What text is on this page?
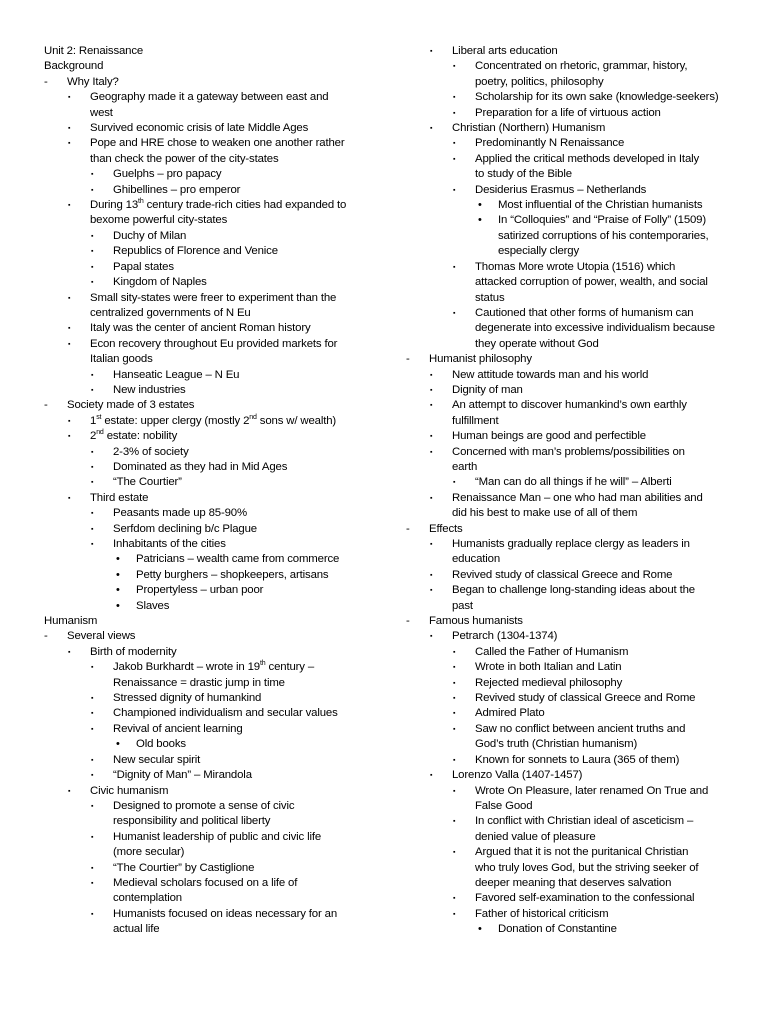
Unit 2: Renaissance
Background
- Why Italy?
▪ Geography made it a gateway between east and
west
▪ Survived economic crisis of late Middle Ages
▪ Pope and HRE chose to weaken one another rather
than check the power of the city-states
▪ Guelphs – pro papacy
▪ Ghibellines – pro emperor
▪ During 13th century trade-rich cities had expanded to
bexome powerful city-states
▪ Duchy of Milan
▪ Republics of Florence and Venice
▪ Papal states
▪ Kingdom of Naples
▪ Small sity-states were freer to experiment than the
centralized governments of N Eu
▪ Italy was the center of ancient Roman history
▪ Econ recovery throughout Eu provided markets for
Italian goods
▪ Hanseatic League – N Eu
▪ New industries
- Society made of 3 estates
▪ 1st estate: upper clergy (mostly 2nd sons w/ wealth)
▪ 2nd estate: nobility
▪ 2-3% of society
▪ Dominated as they had in Mid Ages
▪ “The Courtier”
▪ Third estate
▪ Peasants made up 85-90%
▪ Serfdom declining b/c Plague
▪ Inhabitants of the cities
• Patricians – wealth came from commerce
• Petty burghers – shopkeepers, artisans
• Propertyless – urban poor
• Slaves
Humanism
- Several views
▪ Birth of modernity
▪ Jakob Burkhardt – wrote in 19th century –
Renaissance = drastic jump in time
▪ Stressed dignity of humankind
▪ Championed individualism and secular values
▪ Revival of ancient learning
• Old books
▪ New secular spirit
▪ “Dignity of Man” – Mirandola
▪ Civic humanism
▪ Designed to promote a sense of civic
responsibility and political liberty
▪ Humanist leadership of public and civic life
(more secular)
▪ “The Courtier” by Castiglione
▪ Medieval scholars focused on a life of
contemplation
▪ Humanists focused on ideas necessary for an
actual life
▪ Liberal arts education
▪ Concentrated on rhetoric, grammar, history,
poetry, politics, philosophy
▪ Scholarship for its own sake (knowledge-seekers)
▪ Preparation for a life of virtuous action
▪ Christian (Northern) Humanism
▪ Predominantly N Renaissance
▪ Applied the critical methods developed in Italy
to study of the Bible
▪ Desiderius Erasmus – Netherlands
• Most influential of the Christian humanists
• In “Colloquies” and “Praise of Folly” (1509)
satirized corruptions of his contemporaries,
especially clergy
▪ Thomas More wrote Utopia (1516) which
attacked corruption of power, wealth, and social
status
▪ Cautioned that other forms of humanism can
degenerate into excessive individualism because
they operate without God
- Humanist philosophy
▪ New attitude towards man and his world
▪ Dignity of man
▪ An attempt to discover humankind’s own earthly
fulfillment
▪ Human beings are good and perfectible
▪ Concerned with man’s problems/possibilities on
earth
▪ “Man can do all things if he will” – Alberti
▪ Renaissance Man – one who had man abilities and
did his best to make use of all of them
- Effects
▪ Humanists gradually replace clergy as leaders in
education
▪ Revived study of classical Greece and Rome
▪ Began to challenge long-standing ideas about the
past
- Famous humanists
▪ Petrarch (1304-1374)
▪ Called the Father of Humanism
▪ Wrote in both Italian and Latin
▪ Rejected medieval philosophy
▪ Revived study of classical Greece and Rome
▪ Admired Plato
▪ Saw no conflict between ancient truths and
God’s truth (Christian humanism)
▪ Known for sonnets to Laura (365 of them)
▪ Lorenzo Valla (1407-1457)
▪ Wrote On Pleasure, later renamed On True and
False Good
▪ In conflict with Christian ideal of asceticism –
denied value of pleasure
▪ Argued that it is not the puritanical Christian
who truly loves God, but the striving seeker of
deeper meaning that deserves salvation
▪ Favored self-examination to the confessional
▪ Father of historical criticism
• Donation of Constantine
